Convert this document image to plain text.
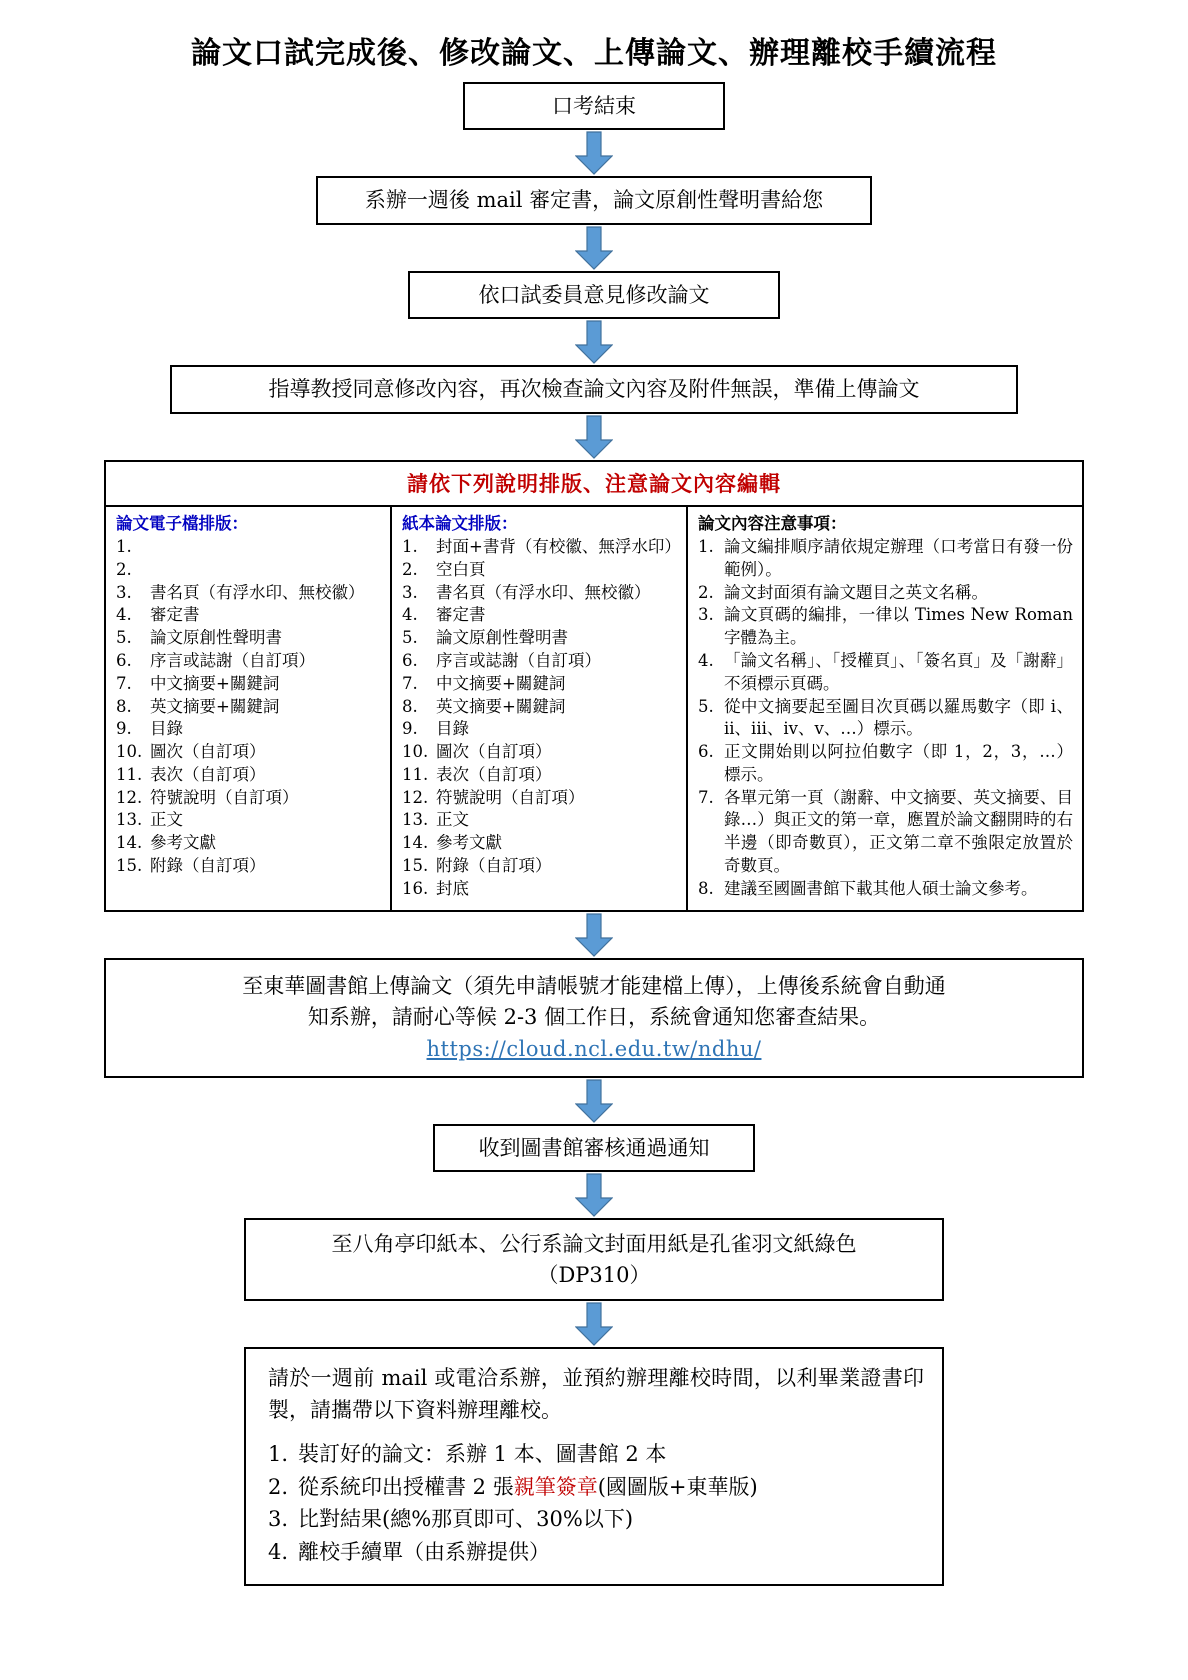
論文口試完成後、修改論文、上傳論文、辦理離校手續流程
口考結束
系辦一週後 mail 審定書，論文原創性聲明書給您
依口試委員意見修改論文
指導教授同意修改內容，再次檢查論文內容及附件無誤，準備上傳論文
請依下列說明排版、注意論文內容編輯
論文電子檔排版：
1.
2.
3.	書名頁（有浮水印、無校徽）
4.	審定書
5.	論文原創性聲明書
6.	序言或誌謝（自訂項）
7.	中文摘要+關鍵詞
8.	英文摘要+關鍵詞
9.	目錄
10. 圖次（自訂項）
11. 表次（自訂項）
12. 符號說明（自訂項）
13. 正文
14. 參考文獻
15. 附錄（自訂項）
紙本論文排版：
1.	封面+書背（有校徽、無浮水印）
2.	空白頁
3.	書名頁（有浮水印、無校徽）
4.	審定書
5.	論文原創性聲明書
6.	序言或誌謝（自訂項）
7.	中文摘要+關鍵詞
8.	英文摘要+關鍵詞
9.	目錄
10. 圖次（自訂項）
11. 表次（自訂項）
12. 符號說明（自訂項）
13. 正文
14. 參考文獻
15. 附錄（自訂項）
16. 封底
論文內容注意事項：
1. 論文編排順序請依規定辦理（口考當日有發一份範例）。
2. 論文封面須有論文題目之英文名稱。
3. 論文頁碼的編排，一律以 Times New Roman 字體為主。
4. 「論文名稱」、「授權頁」、「簽名頁」及「謝辭」不須標示頁碼。
5. 從中文摘要起至圖目次頁碼以羅馬數字（即 i、ii、iii、iv、v、…）標示。
6. 正文開始則以阿拉伯數字（即 1，2，3，…）標示。
7. 各單元第一頁（謝辭、中文摘要、英文摘要、目錄…）與正文的第一章，應置於論文翻開時的右半邊（即奇數頁），正文第二章不強限定放置於奇數頁。
8. 建議至國圖書館下載其他人碩士論文參考。
至東華圖書館上傳論文（須先申請帳號才能建檔上傳），上傳後系統會自動通
知系辦，請耐心等候 2-3 個工作日，系統會通知您審查結果。
https://cloud.ncl.edu.tw/ndhu/
收到圖書館審核通過通知
至八角亭印紙本、公行系論文封面用紙是孔雀羽文紙綠色
（DP310）

請於一週前 mail 或電洽系辦，並預約辦理離校時間，以利畢業證書印製，請攜帶以下資料辦理離校。

1. 裝訂好的論文：系辦 1 本、圖書館 2 本
2. 從系統印出授權書 2 張親筆簽章(國圖版+東華版)
3. 比對結果(總%那頁即可、30%以下)
4. 離校手續單（由系辦提供）
